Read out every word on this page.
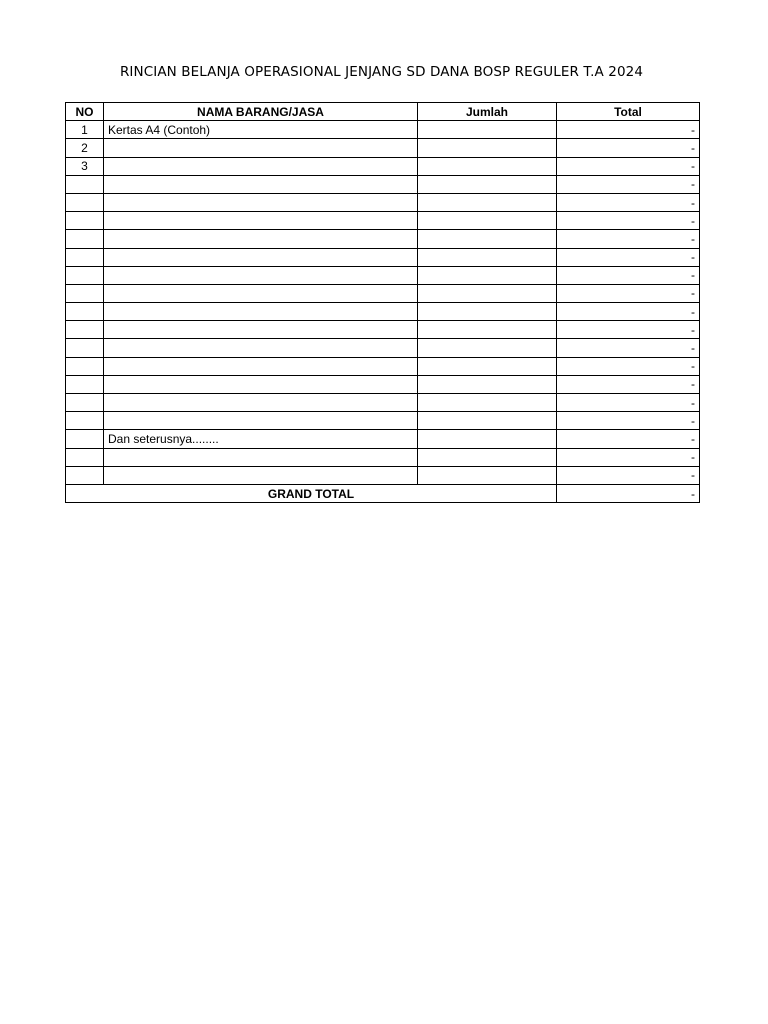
RINCIAN BELANJA OPERASIONAL JENJANG SD DANA BOSP REGULER T.A 2024
NO	NAMA BARANG/JASA	Jumlah	Total
1	Kertas A4 (Contoh)		-
2			-
3			-
			-
			-
			-
			-
			-
			-
			-
			-
			-
			-
			-
			-
			-
			-
	Dan seterusnya........		-
			-
			-
GRAND TOTAL			-
